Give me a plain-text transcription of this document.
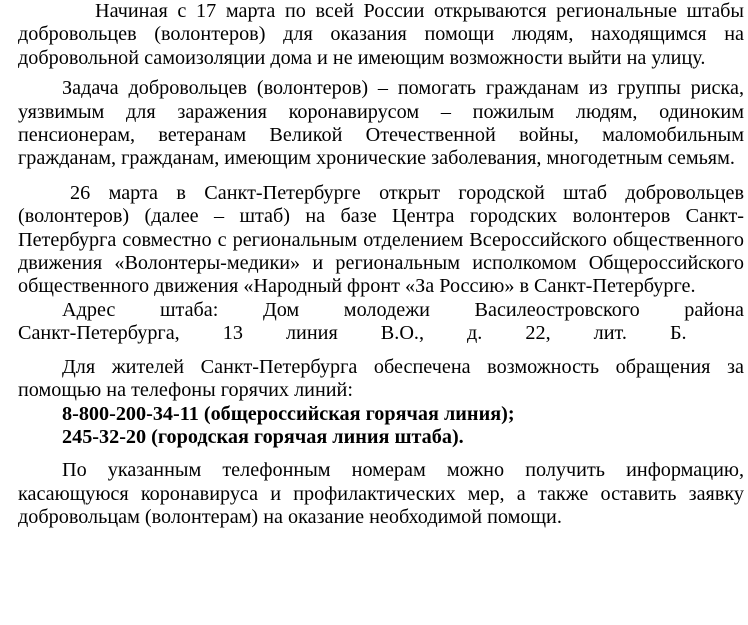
Начиная с 17 марта по всей России открываются региональные штабы добровольцев (волонтеров) для оказания помощи людям, находящимся на добровольной самоизоляции дома и не имеющим возможности выйти на улицу.

Задача добровольцев (волонтеров) – помогать гражданам из группы риска, уязвимым для заражения коронавирусом – пожилым людям, одиноким пенсионерам, ветеранам Великой Отечественной войны, маломобильным гражданам, гражданам, имеющим хронические заболевания, многодетным семьям.

26 марта в Санкт-Петербурге открыт городской штаб добровольцев (волонтеров) (далее – штаб) на базе Центра городских волонтеров Санкт-Петербурга совместно с региональным отделением Всероссийского общественного движения «Волонтеры-медики» и региональным исполкомом Общероссийского общественного движения «Народный фронт «За Россию» в Санкт-Петербурге.

Адрес штаба: Дом молодежи Василеостровского района Санкт-Петербурга, 13 линия В.О., д. 22, лит. Б.

Для жителей Санкт-Петербурга обеспечена возможность обращения за помощью на телефоны горячих линий:

8-800-200-34-11 (общероссийская горячая линия);

245-32-20 (городская горячая линия штаба).

По указанным телефонным номерам можно получить информацию, касающуюся коронавируса и профилактических мер, а также оставить заявку добровольцам (волонтерам) на оказание необходимой помощи.
